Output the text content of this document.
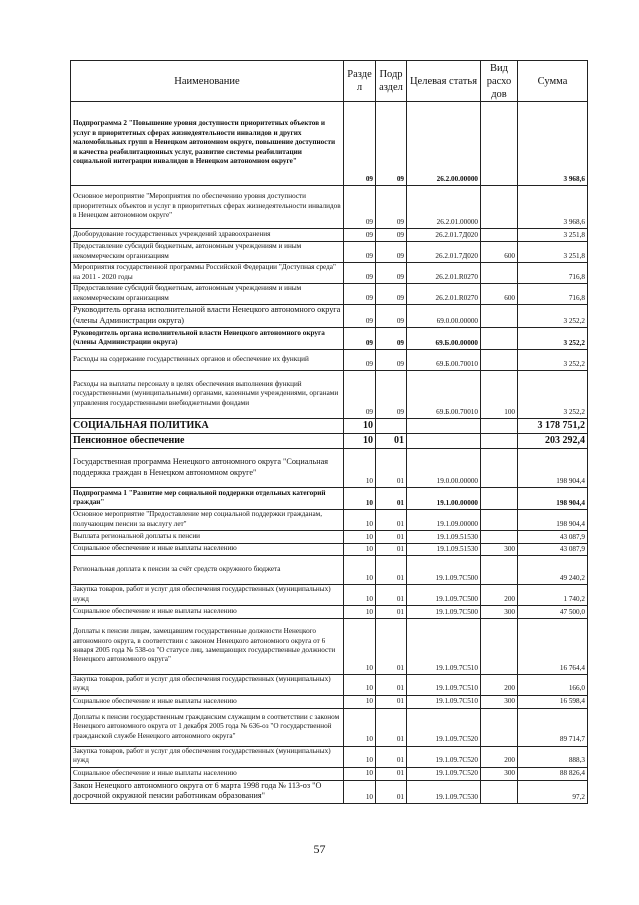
Наименование	Разде л	Подр аздел	Целевая статья	Вид расхо дов	Сумма
Подпрограмма 2 "Повышение уровня доступности приоритетных объектов и услуг в приоритетных сферах жизнедеятельности инвалидов и других маломобильных групп в Ненецком автономном округе, повышение доступности и качества реабилитационных услуг, развитие системы реабилитации социальной интеграции инвалидов в Ненецком автономном округе"	09	09	26.2.00.00000		3 968,6
Основное мероприятие "Мероприятия по обеспечению уровня доступности приоритетных объектов и услуг в приоритетных сферах жизнедеятельности инвалидов в Ненецком автономном округе"	09	09	26.2.01.00000		3 968,6
Дооборудование государственных учреждений здравоохранения	09	09	26.2.01.7Д020		3 251,8
Предоставление субсидий бюджетным, автономным учреждениям и иным некоммерческим организациям	09	09	26.2.01.7Д020	600	3 251,8
Мероприятия государственной программы Российской Федерации "Доступная среда" на 2011 - 2020 годы	09	09	26.2.01.R0270		716,8
Предоставление субсидий бюджетным, автономным учреждениям и иным некоммерческим организациям	09	09	26.2.01.R0270	600	716,8
Руководитель органа исполнительной власти Ненецкого автономного округа (члены Администрации округа)	09	09	69.0.00.00000		3 252,2
Руководитель органа исполнительной власти Ненецкого автономного округа (члены Администрации округа)	09	09	69.Б.00.00000		3 252,2
Расходы на содержание государственных органов и обеспечение их функций	09	09	69.Б.00.70010		3 252,2
Расходы на выплаты персоналу в целях обеспечения выполнения функций государственными (муниципальными) органами, казенными учреждениями, органами управления государственными внебюджетными фондами	09	09	69.Б.00.70010	100	3 252,2
СОЦИАЛЬНАЯ ПОЛИТИКА	10				3 178 751,2
Пенсионное обеспечение	10	01			203 292,4
Государственная программа Ненецкого автономного округа "Социальная поддержка граждан в Ненецком автономном округе"	10	01	19.0.00.00000		198 904,4
Подпрограмма 1 "Развитие мер социальной поддержки отдельных категорий граждан"	10	01	19.1.00.00000		198 904,4
Основное мероприятие "Предоставление мер социальной поддержки гражданам, получающим пенсии за выслугу лет"	10	01	19.1.09.00000		198 904,4
Выплата региональной доплаты к пенсии	10	01	19.1.09.51530		43 087,9
Социальное обеспечение и иные выплаты населению	10	01	19.1.09.51530	300	43 087,9
Региональная доплата к пенсии за счёт средств окружного бюджета	10	01	19.1.09.7С500		49 240,2
Закупка товаров, работ и услуг для обеспечения государственных (муниципальных) нужд	10	01	19.1.09.7С500	200	1 740,2
Социальное обеспечение и иные выплаты населению	10	01	19.1.09.7С500	300	47 500,0
Доплаты к пенсии лицам, замещавшим государственные должности Ненецкого автономного округа, в соответствии с законом Ненецкого автономного округа от 6 января 2005 года № 538-оз "О статусе лиц, замещающих государственные должности Ненецкого автономного округа"	10	01	19.1.09.7С510		16 764,4
Закупка товаров, работ и услуг для обеспечения государственных (муниципальных) нужд	10	01	19.1.09.7С510	200	166,0
Социальное обеспечение и иные выплаты населению	10	01	19.1.09.7С510	300	16 598,4
Доплаты к пенсии государственным гражданским служащим в соответствии с законом Ненецкого автономного округа от 1 декабря 2005 года № 636-оз "О государственной гражданской службе Ненецкого автономного округа"	10	01	19.1.09.7С520		89 714,7
Закупка товаров, работ и услуг для обеспечения государственных (муниципальных) нужд	10	01	19.1.09.7С520	200	888,3
Социальное обеспечение и иные выплаты населению	10	01	19.1.09.7С520	300	88 826,4
Закон Ненецкого автономного округа от 6 марта 1998 года № 113-оз "О досрочной окружной пенсии работникам образования"	10	01	19.1.09.7С530		97,2
57
